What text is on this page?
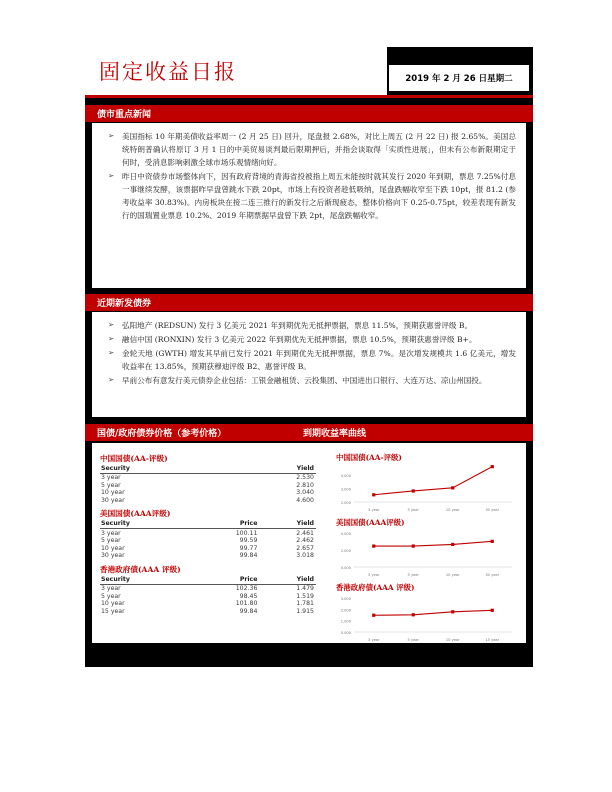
固定收益日报	2019 年 2 月 26 日星期二
债市重点新闻
➢	美国指标 10 年期美债收益率周一 (2 月 25 日) 回升，尾盘报 2.68%，对比上周五 (2 月 22 日) 报 2.65%。美国总统特朗普确认将原订 3 月 1 日的中美贸易谈判最后限期押后，并指会谈取得「实质性进展」，但未有公布新限期定于何时，受消息影响刺激全球市场乐观情绪向好。
➢	昨日中资债券市场整体向下，因有政府背境的青海省投被指上周五未能按时就其发行 2020 年到期，票息 7.25%付息一事继续发酵，该票据昨早盘曾跳水下跌 20pt，市场上有投资者趁低吸纳，尾盘跌幅收窄至下跌 10pt，报 81.2 (参考收益率 30.83%)。内房板块在接二连三推行的新发行之后渐现疲态，整体价格向下 0.25-0.75pt，较差表现有新发行的国瑞置业票息 10.2%、2019 年期票据早盘曾下跌 2pt，尾盘跌幅收窄。
近期新发债券
➢	弘阳地产 (REDSUN) 发行 3 亿美元 2021 年到期优先无抵押票据，票息 11.5%，预期获惠誉评级 B。
➢	融信中国 (RONXIN) 发行 3 亿美元 2022 年到期优先无抵押票据，票息 10.5%，预期获惠誉评级 B+。
➢	金轮天地 (GWTH) 增发其早前已发行 2021 年到期优先无抵押票据，票息 7%。是次增发规模共 1.6 亿美元，增发收益率在 13.85%，预期获穆迪评级 B2、惠誉评级 B。
➢	早前公布有意发行美元债券企业包括：工银金融租赁、云投集团、中国进出口银行、大连万达、凉山州国投。
国债/政府债券价格（参考价格）	到期收益率曲线
中国国债(AA-评级)
Security	Yield
3 year	2.530
5 year	2.810
10 year	3.040
30 year	4.600
美国国债(AAA评级)
Security	Price	Yield
3 year	100.11	2.461
5 year	99.59	2.462
10 year	99.77	2.657
30 year	99.84	3.018
香港政府债(AAA 评级)
Security	Price	Yield
3 year	102.36	1.479
5 year	98.45	1.519
10 year	101.80	1.781
15 year	99.84	1.915
中国国债(AA-评级)
4.000
3.000
2.000
3 year	5 year	10 year	30 year
美国国债(AAA评级)
4.000
2.000
0.000
3 year	5 year	10 year	30 year
香港政府债(AAA 评级)
3.000
2.000
1.000
0.000
3 year	5 year	10 year	15 year
